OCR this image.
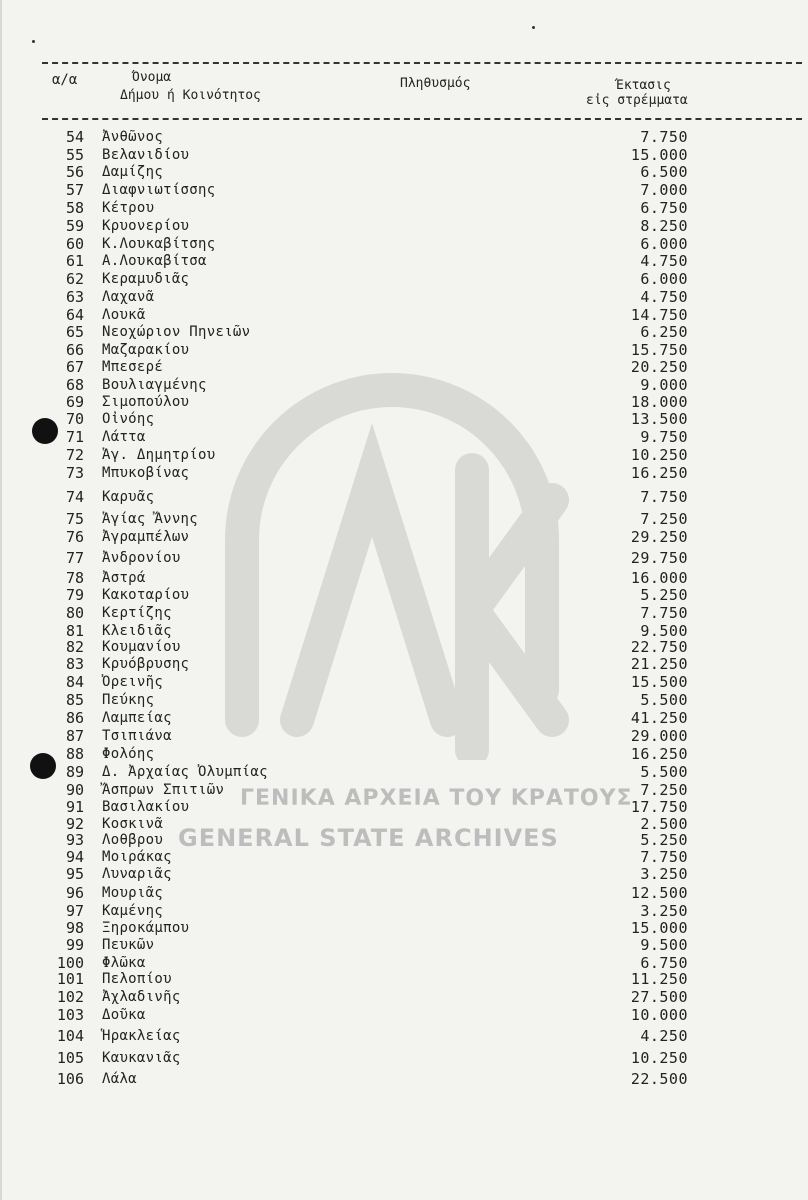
α/α	Όνομα
Δήμου ή Κοινότητος
Πληθυσμός	Έκτασις
εἰς στρέμματα
ΓΕΝΙΚΑ ΑΡΧΕΙΑ ΤΟΥ ΚΡΑΤΟΥΣ
GENERAL STATE ARCHIVES
54 Ἀνθῶνος	7.750
55 Βελανιδίου	15.000
56 Δαμίζης	6.500
57 Διαφνιωτίσσης	7.000
58 Κέτρου	6.750
59 Κρυονερίου	8.250
60 Κ.Λουκαβίτσης	6.000
61 Α.Λουκαβίτσα	4.750
62 Κεραμυδιᾶς	6.000
63 Λαχανᾶ	4.750
64 Λουκᾶ	14.750
65 Νεοχώριον Πηνειῶν	6.250
66 Μαζαρακίου	15.750
67 Μπεσερέ	20.250
68 Βουλιαγμένης	9.000
69 Σιμοπούλου	18.000
70 Οἰνόης	13.500
71 Λάττα	9.750
72 Ἁγ. Δημητρίου	10.250
73 Μπυκοβίνας	16.250
74 Καρυᾶς	7.750
75 Ἁγίας Ἄννης	7.250
76 Ἀγραμπέλων	29.250
77 Ἀνδρονίου	29.750
78 Ἀστρά	16.000
79 Κακοταρίου	5.250
80 Κερτίζης	7.750
81 Κλειδιᾶς	9.500
82 Κουμανίου	22.750
83 Κρυόβρυσης	21.250
84 Ὀρεινῆς	15.500
85 Πεύκης	5.500
86 Λαμπείας	41.250
87 Τσιπιάνα	29.000
88 Φολόης	16.250
89 Δ. Ἀρχαίας Ὀλυμπίας	5.500
90 Ἄσπρων Σπιτιῶν	7.250
91 Βασιλακίου	17.750
92 Κοσκινᾶ	2.500
93 Λοθβρου	5.250
94 Μοιράκας	7.750
95 Λυναριᾶς	3.250
96 Μουριᾶς	12.500
97 Καμένης	3.250
98 Ξηροκάμπου	15.000
99 Πευκῶν	9.500
100 Φλῶκα	6.750
101 Πελοπίου	11.250
102 Ἀχλαδινῆς	27.500
103 Δοῦκα	10.000
104 Ἡρακλείας	4.250
105 Καυκανιᾶς	10.250
106 Λάλα	22.500
